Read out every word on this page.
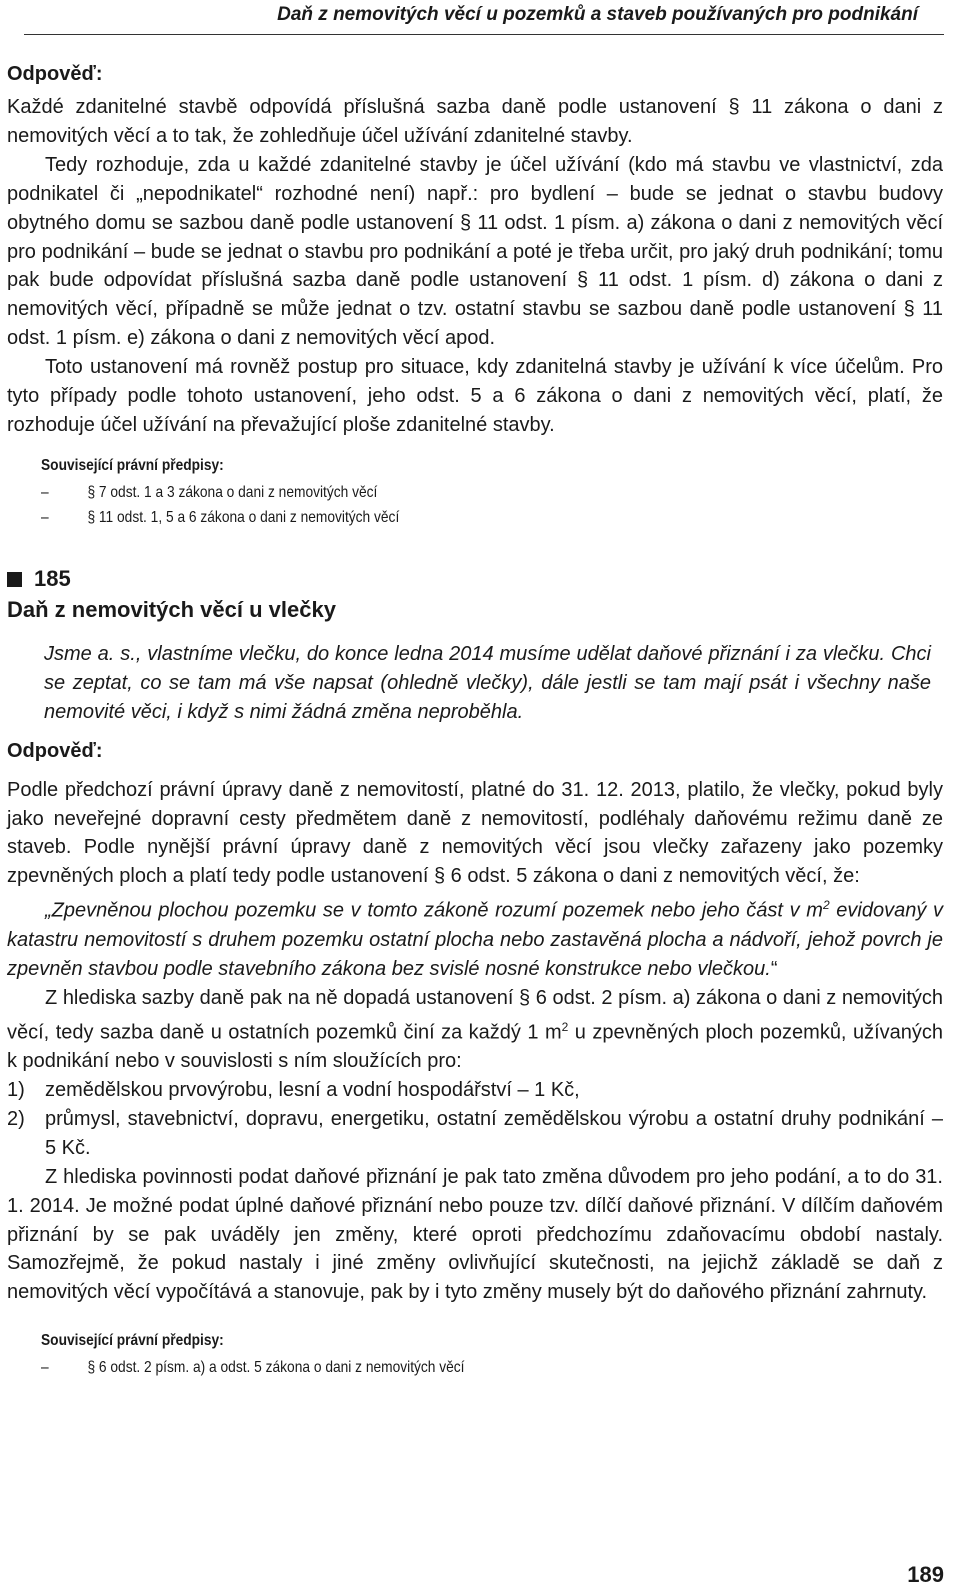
Daň z nemovitých věcí u pozemků a staveb používaných pro podnikání
Odpověď:

Každé zdanitelné stavbě odpovídá příslušná sazba daně podle ustanovení § 11 zákona o dani z nemovitých věcí a to tak, že zohledňuje účel užívání zdanitelné stavby.

Tedy rozhoduje, zda u každé zdanitelné stavby je účel užívání (kdo má stavbu ve vlastnictví, zda podnikatel či „nepodnikatel“ rozhodné není) např.: pro bydlení – bude se jednat o stavbu budovy obytného domu se sazbou daně podle ustanovení § 11 odst. 1 písm. a) zákona o dani z nemovitých věcí pro podnikání – bude se jednat o stavbu pro podnikání a poté je třeba určit, pro jaký druh podnikání; tomu pak bude odpovídat příslušná sazba daně podle ustanovení § 11 odst. 1 písm. d) zákona o dani z nemovitých věcí, případně se může jednat o tzv. ostatní stavbu se sazbou daně podle ustanovení § 11 odst. 1 písm. e) zákona o dani z nemovitých věcí apod.

Toto ustanovení má rovněž postup pro situace, kdy zdanitelná stavby je užívání k více účelům. Pro tyto případy podle tohoto ustanovení, jeho odst. 5 a 6 zákona o dani z nemovitých věcí, platí, že rozhoduje účel užívání na převažující ploše zdanitelné stavby.

Související právní předpisy:
– § 7 odst. 1 a 3 zákona o dani z nemovitých věcí
– § 11 odst. 1, 5 a 6 zákona o dani z nemovitých věcí
185
Daň z nemovitých věcí u vlečky
Jsme a. s., vlastníme vlečku, do konce ledna 2014 musíme udělat daňové přiznání i za vlečku. Chci se zeptat, co se tam má vše napsat (ohledně vlečky), dále jestli se tam mají psát i všechny naše nemovité věci, i když s nimi žádná změna neproběhla.
Odpověď:

Podle předchozí právní úpravy daně z nemovitostí, platné do 31. 12. 2013, platilo, že vlečky, pokud byly jako neveřejné dopravní cesty předmětem daně z nemovitostí, podléhaly daňovému režimu daně ze staveb. Podle nynější právní úpravy daně z nemovitých věcí jsou vlečky zařazeny jako pozemky zpevněných ploch a platí tedy podle ustanovení § 6 odst. 5 zákona o dani z nemovitých věcí, že:

„Zpevněnou plochou pozemku se v tomto zákoně rozumí pozemek nebo jeho část v $m^2$ evidovaný v katastru nemovitostí s druhem pozemku ostatní plocha nebo zastavěná plocha a nádvoří, jehož povrch je zpevněn stavbou podle stavebního zákona bez svislé nosné konstrukce nebo vlečkou.“

Z hlediska sazby daně pak na ně dopadá ustanovení § 6 odst. 2 písm. a) zákona o dani z nemovitých věcí, tedy sazba daně u ostatních pozemků činí za každý 1 $m^2$ u zpevněných ploch pozemků, užívaných k podnikání nebo v souvislosti s ním sloužících pro:

1)	zemědělskou prvovýrobu, lesní a vodní hospodářství – 1 Kč,
2)	průmysl, stavebnictví, dopravu, energetiku, ostatní zemědělskou výrobu a ostatní druhy podnikání – 5 Kč.

Z hlediska povinnosti podat daňové přiznání je pak tato změna důvodem pro jeho podání, a to do 31. 1. 2014. Je možné podat úplné daňové přiznání nebo pouze tzv. dílčí daňové přiznání. V dílčím daňovém přiznání by se pak uváděly jen změny, které oproti předchozímu zdaňovacímu období nastaly. Samozřejmě, že pokud nastaly i jiné změny ovlivňující skutečnosti, na jejichž základě se daň z nemovitých věcí vypočítává a stanovuje, pak by i tyto změny musely být do daňového přiznání zahrnuty.

Související právní předpisy:
– § 6 odst. 2 písm. a) a odst. 5 zákona o dani z nemovitých věcí
189
